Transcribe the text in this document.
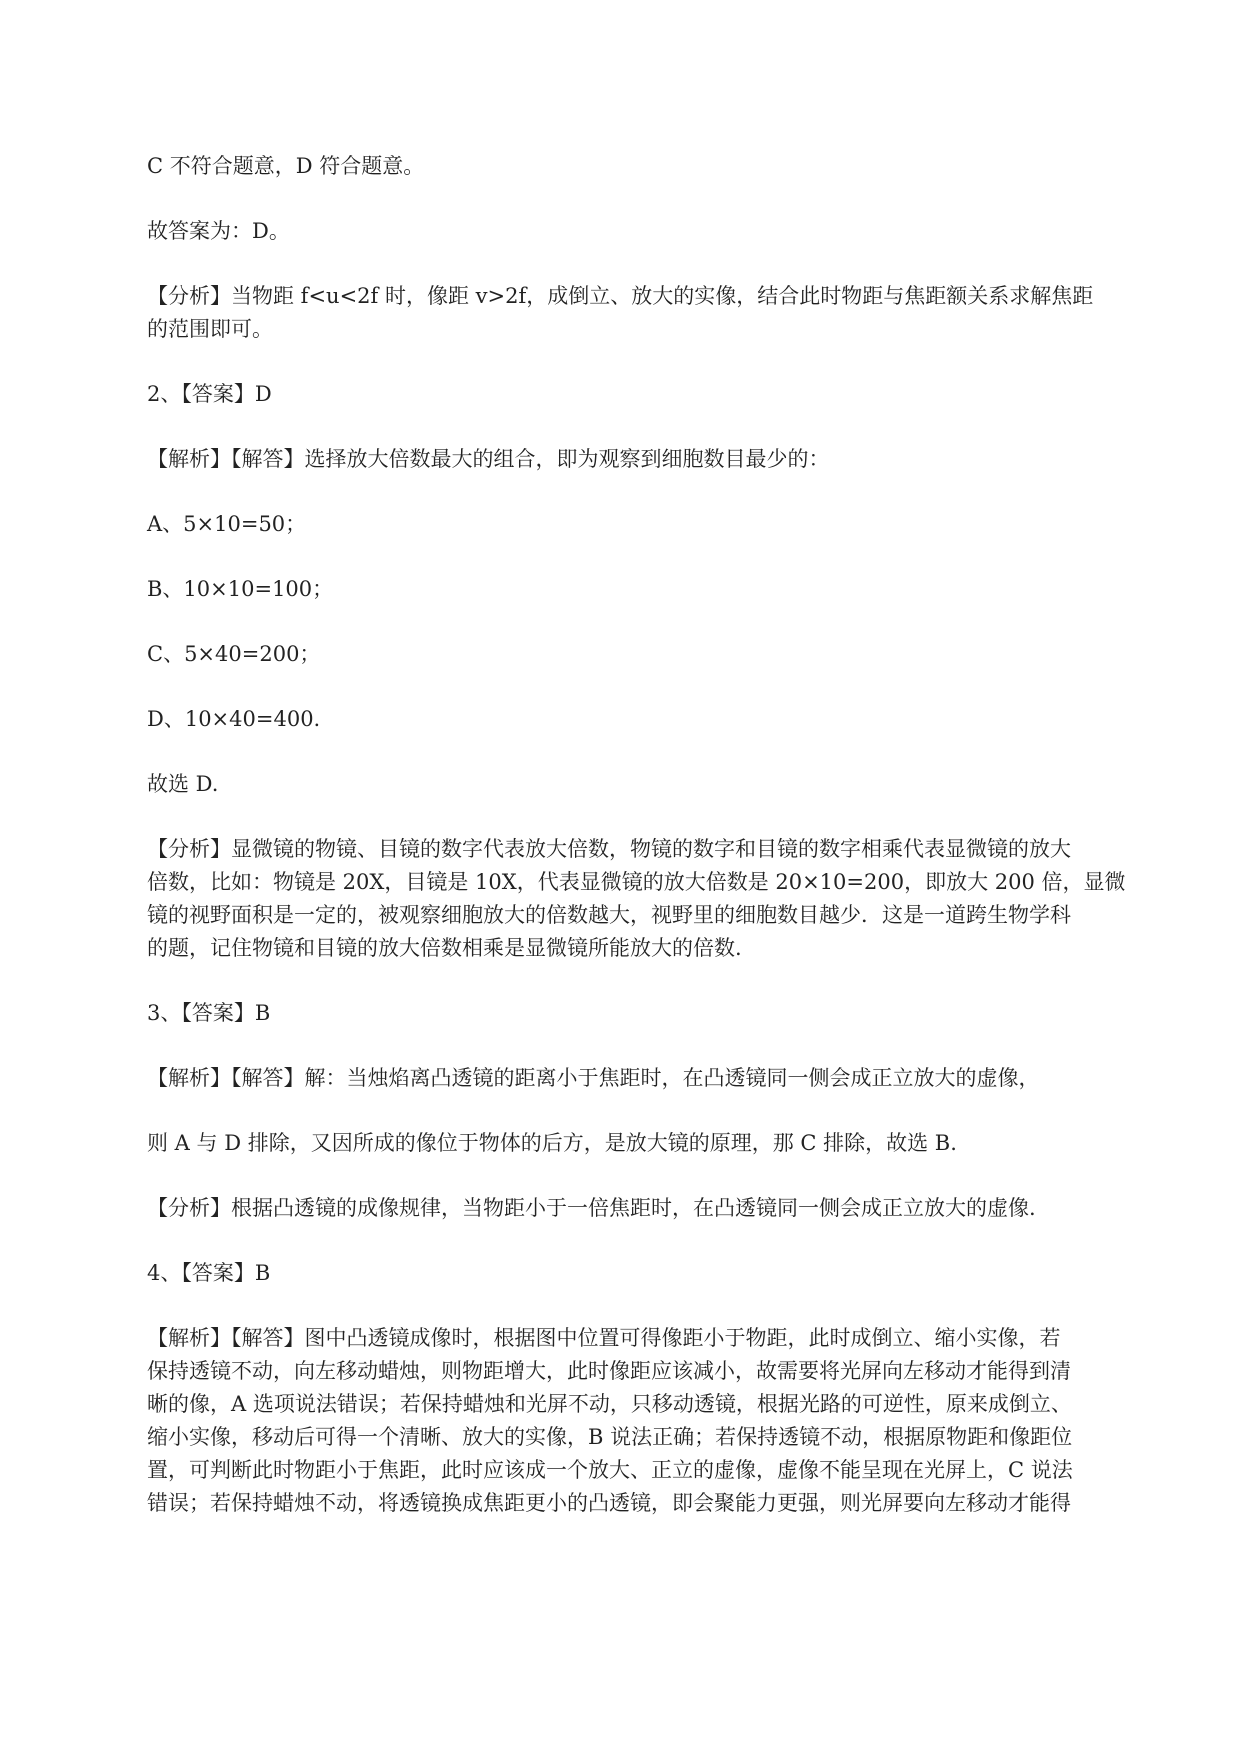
C 不符合题意，D 符合题意。

故答案为：D。

【分析】当物距 f<u<2f 时，像距 v>2f，成倒立、放大的实像，结合此时物距与焦距额关系求解焦距
的范围即可。

2、【答案】D

【解析】【解答】选择放大倍数最大的组合，即为观察到细胞数目最少的：

A、5×10=50；

B、10×10=100；

C、5×40=200；

D、10×40=400.

故选 D.

【分析】显微镜的物镜、目镜的数字代表放大倍数，物镜的数字和目镜的数字相乘代表显微镜的放大
倍数，比如：物镜是 20X，目镜是 10X，代表显微镜的放大倍数是 20×10=200，即放大 200 倍，显微
镜的视野面积是一定的，被观察细胞放大的倍数越大，视野里的细胞数目越少．这是一道跨生物学科
的题，记住物镜和目镜的放大倍数相乘是显微镜所能放大的倍数.

3、【答案】B

【解析】【解答】解：当烛焰离凸透镜的距离小于焦距时，在凸透镜同一侧会成正立放大的虚像，

则 A 与 D 排除，又因所成的像位于物体的后方，是放大镜的原理，那 C 排除，故选 B.

【分析】根据凸透镜的成像规律，当物距小于一倍焦距时，在凸透镜同一侧会成正立放大的虚像.

4、【答案】B

【解析】【解答】图中凸透镜成像时，根据图中位置可得像距小于物距，此时成倒立、缩小实像，若
保持透镜不动，向左移动蜡烛，则物距增大，此时像距应该减小，故需要将光屏向左移动才能得到清
晰的像，A 选项说法错误；若保持蜡烛和光屏不动，只移动透镜，根据光路的可逆性，原来成倒立、
缩小实像，移动后可得一个清晰、放大的实像，B 说法正确；若保持透镜不动，根据原物距和像距位
置，可判断此时物距小于焦距，此时应该成一个放大、正立的虚像，虚像不能呈现在光屏上，C 说法
错误；若保持蜡烛不动，将透镜换成焦距更小的凸透镜，即会聚能力更强，则光屏要向左移动才能得
